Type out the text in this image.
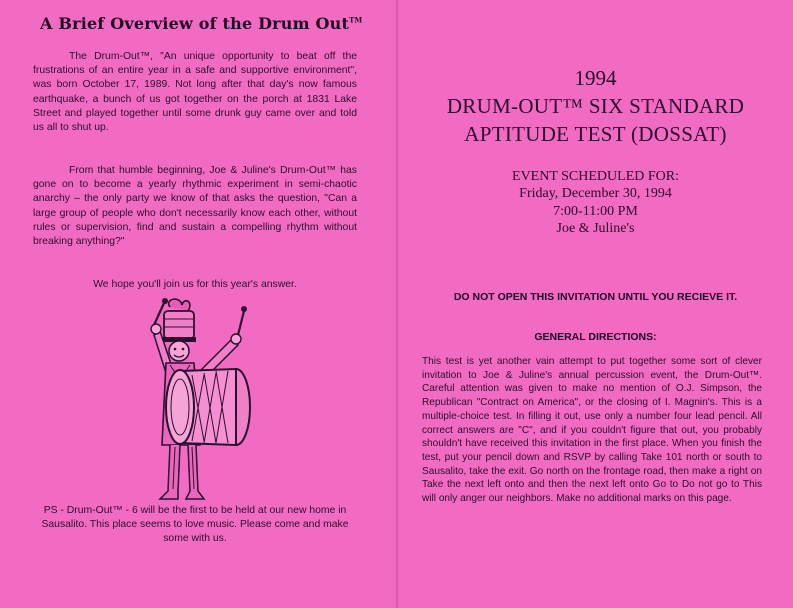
A Brief Overview of the Drum Out™
The Drum-Out™, "An unique opportunity to beat off the frustrations of an entire year in a safe and supportive environment", was born October 17, 1989. Not long after that day's now famous earthquake, a bunch of us got together on the porch at 1831 Lake Street and played together until some drunk guy came over and told us all to shut up.
From that humble beginning, Joe & Juline's Drum-Out™ has gone on to become a yearly rhythmic experiment in semi-chaotic anarchy – the only party we know of that asks the question, "Can a large group of people who don't necessarily know each other, without rules or supervision, find and sustain a compelling rhythm without breaking anything?"
We hope you'll join us for this year's answer.
PS - Drum-Out™ - 6 will be the first to be held at our new home in Sausalito. This place seems to love music. Please come and make some with us.
1994
DRUM-OUT™ SIX STANDARD
APTITUDE TEST (DOSSAT)
EVENT SCHEDULED FOR:
Friday, December 30, 1994
7:00-11:00 PM
Joe & Juline's
DO NOT OPEN THIS INVITATION UNTIL YOU RECIEVE IT.
GENERAL DIRECTIONS:
This test is yet another vain attempt to put together some sort of clever invitation to Joe & Juline's annual percussion event, the Drum-Out™. Careful attention was given to make no mention of O.J. Simpson, the Republican "Contract on America", or the closing of I. Magnin's. This is a multiple-choice test. In filling it out, use only a number four lead pencil. All correct answers are "C", and if you couldn't figure that out, you probably shouldn't have received this invitation in the first place. When you finish the test, put your pencil down and RSVP by calling Take 101 north or south to Sausalito, take the exit. Go north on the frontage road, then make a right on Take the next left onto and then the next left onto Go to Do not go to This will only anger our neighbors. Make no additional marks on this page.
